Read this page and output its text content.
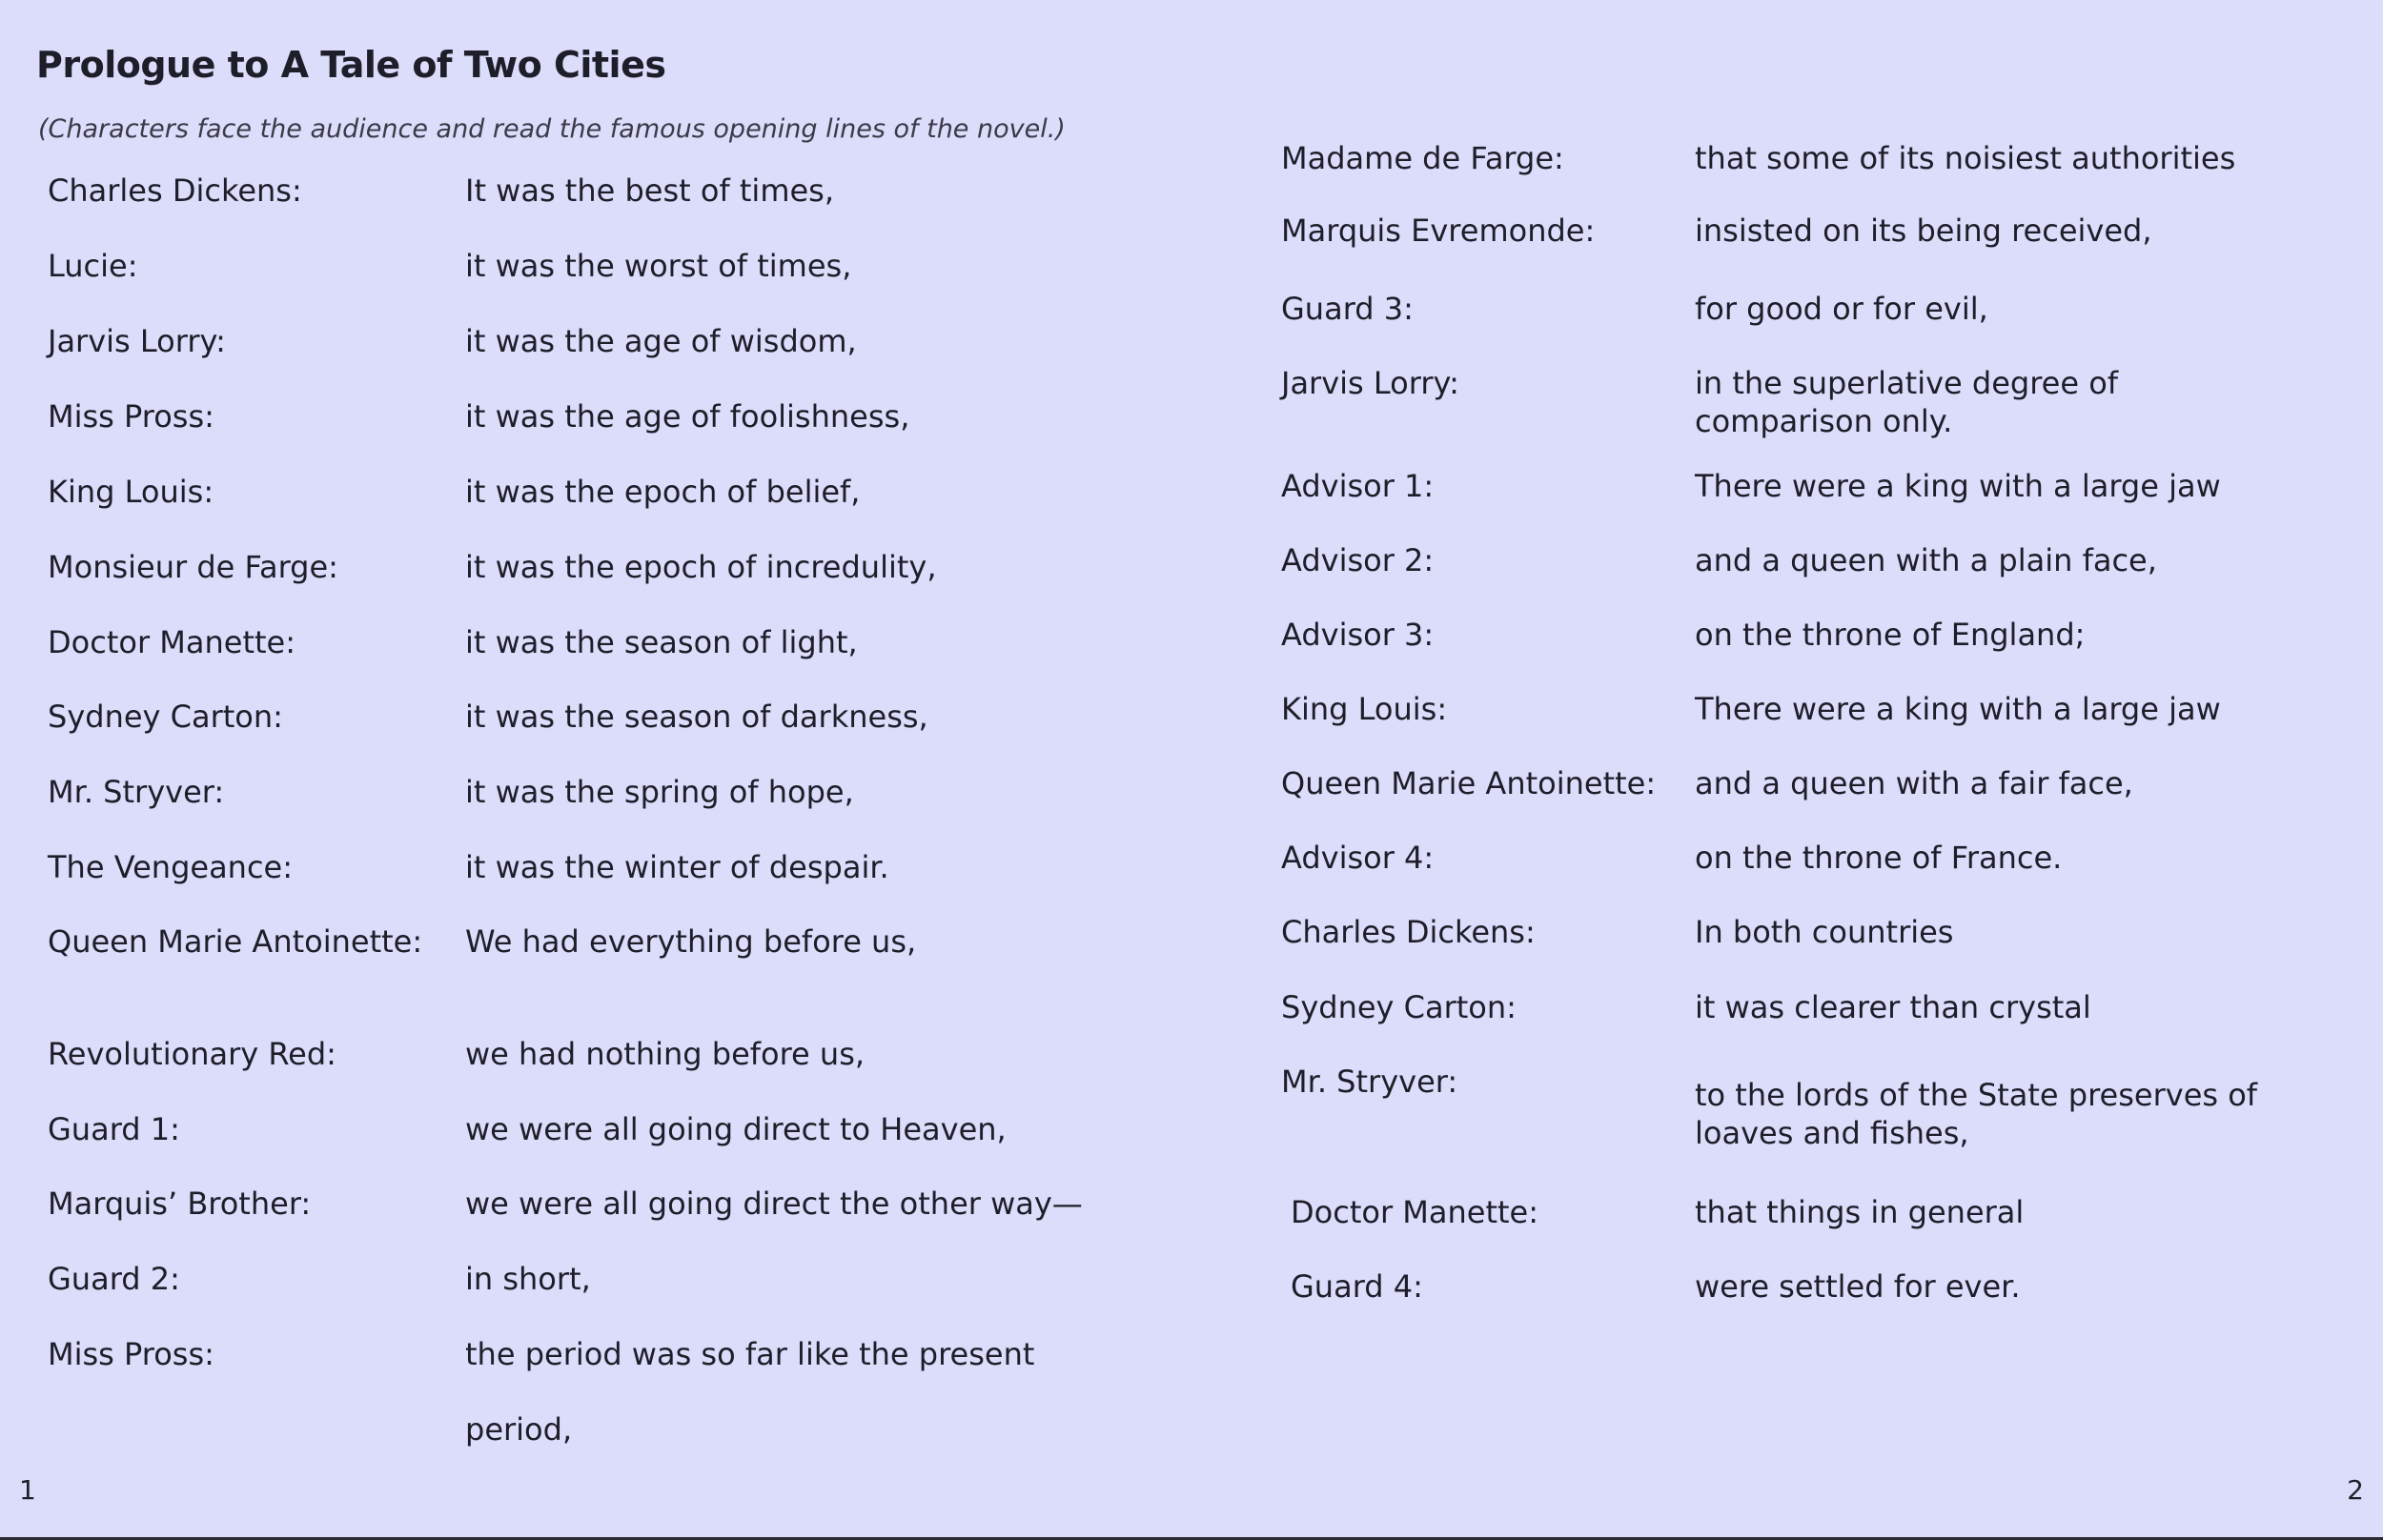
Prologue to A Tale of Two Cities

(Characters face the audience and read the famous opening lines of the novel.)

Charles Dickens:	It was the best of times,
Lucie:	it was the worst of times,
Jarvis Lorry:	it was the age of wisdom,
Miss Pross:	it was the age of foolishness,
King Louis:	it was the epoch of belief,
Monsieur de Farge:	it was the epoch of incredulity,
Doctor Manette:	it was the season of light,
Sydney Carton:	it was the season of darkness,
Mr. Stryver:	it was the spring of hope,
The Vengeance:	it was the winter of despair.
Queen Marie Antoinette: We had everything before us,
Revolutionary Red:	we had nothing before us,
Guard 1:	we were all going direct to Heaven,
Marquis’ Brother:	we were all going direct the other way—
Guard 2:	in short,
Miss Pross:	the period was so far like the present
period,
1
Madame de Farge:	that some of its noisiest authorities
Marquis Evremonde:	insisted on its being received,
Guard 3:	for good or for evil,
Jarvis Lorry:	in the superlative degree of comparison only.
Advisor 1:	There were a king with a large jaw
Advisor 2:	and a queen with a plain face,
Advisor 3:	on the throne of England;
King Louis:	There were a king with a large jaw
Queen Marie Antoinette: and a queen with a fair face,
Advisor 4:	on the throne of France.
Charles Dickens:	In both countries
Sydney Carton:	it was clearer than crystal
Mr. Stryver:	to the lords of the State preserves of loaves and fishes,
Doctor Manette:	that things in general
Guard 4:	were settled for ever.
2
